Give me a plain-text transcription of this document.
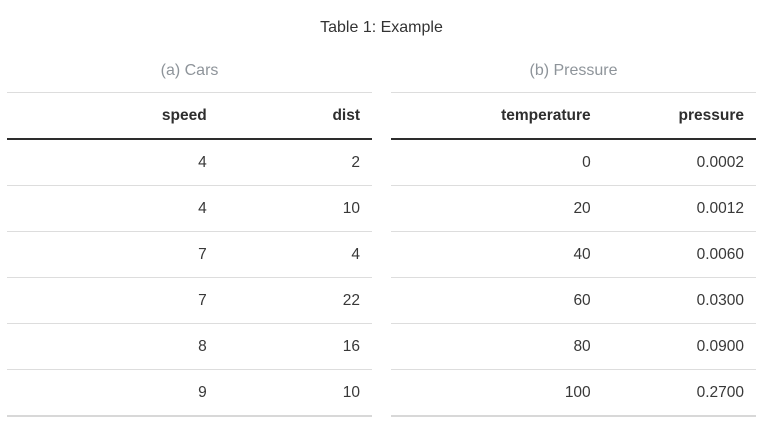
Table 1: Example
(a) Cars
speed	dist
4	2
4	10
7	4
7	22
8	16
9	10
(b) Pressure
temperature	pressure
0	0.0002
20	0.0012
40	0.0060
60	0.0300
80	0.0900
100	0.2700
